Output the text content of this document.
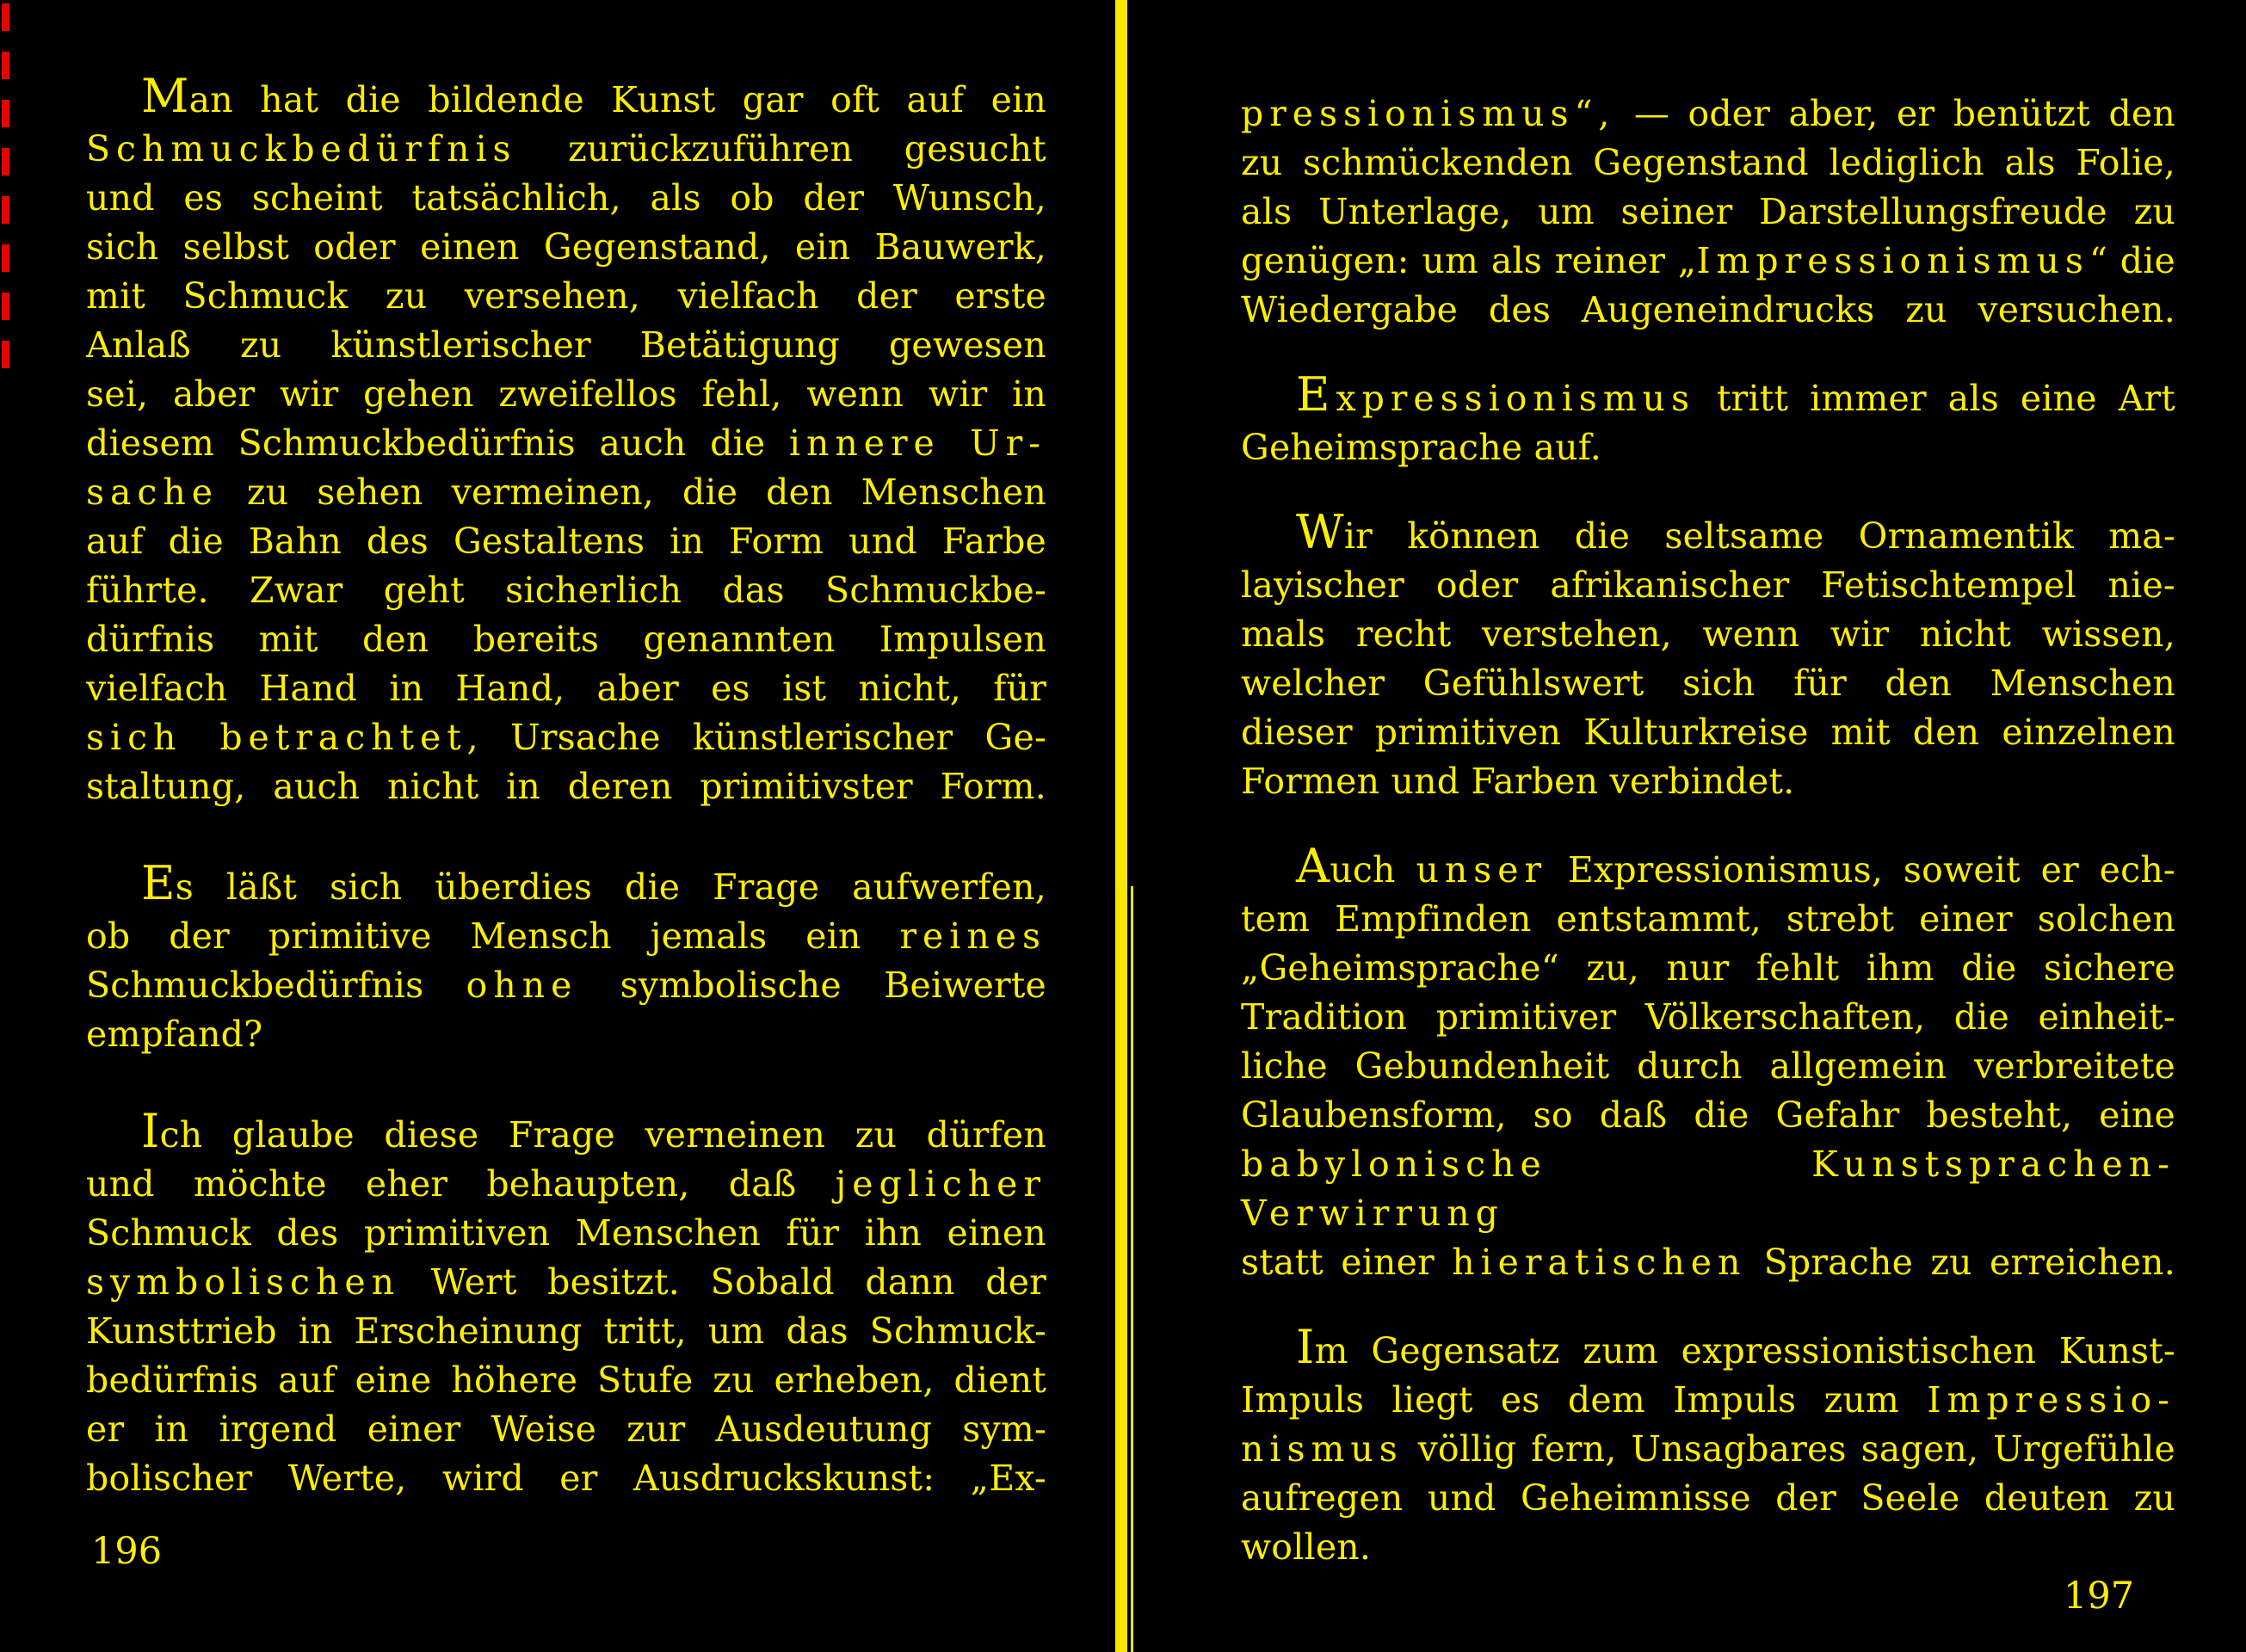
Man hat die bildende Kunst gar oft auf ein
Schmuckbedürfnis zurückzuführen gesucht
und es scheint tatsächlich, als ob der Wunsch,
sich selbst oder einen Gegenstand, ein Bauwerk,
mit Schmuck zu versehen, vielfach der erste
Anlaß zu künstlerischer Betätigung gewesen
sei, aber wir gehen zweifellos fehl, wenn wir in
diesem Schmuckbedürfnis auch die innere Ur-
sache zu sehen vermeinen, die den Menschen
auf die Bahn des Gestaltens in Form und Farbe
führte. Zwar geht sicherlich das Schmuckbe-
dürfnis mit den bereits genannten Impulsen
vielfach Hand in Hand, aber es ist nicht, für
sich betrachtet, Ursache künstlerischer Ge-
staltung, auch nicht in deren primitivster Form.
Es läßt sich überdies die Frage aufwerfen,
ob der primitive Mensch jemals ein reines
Schmuckbedürfnis ohne symbolische Beiwerte
empfand?
Ich glaube diese Frage verneinen zu dürfen
und möchte eher behaupten, daß jeglicher
Schmuck des primitiven Menschen für ihn einen
symbolischen Wert besitzt. Sobald dann der
Kunsttrieb in Erscheinung tritt, um das Schmuck-
bedürfnis auf eine höhere Stufe zu erheben, dient
er in irgend einer Weise zur Ausdeutung sym-
bolischer Werte, wird er Ausdruckskunst: „Ex-
pressionismus“, — oder aber, er benützt den
zu schmückenden Gegenstand lediglich als Folie,
als Unterlage, um seiner Darstellungsfreude zu
genügen: um als reiner „Impressionismus“ die
Wiedergabe des Augeneindrucks zu versuchen.
Expressionismus tritt immer als eine Art
Geheimsprache auf.
Wir können die seltsame Ornamentik ma-
layischer oder afrikanischer Fetischtempel nie-
mals recht verstehen, wenn wir nicht wissen,
welcher Gefühlswert sich für den Menschen
dieser primitiven Kulturkreise mit den einzelnen
Formen und Farben verbindet.
Auch unser Expressionismus, soweit er ech-
tem Empfinden entstammt, strebt einer solchen
„Geheimsprache“ zu, nur fehlt ihm die sichere
Tradition primitiver Völkerschaften, die einheit-
liche Gebundenheit durch allgemein verbreitete
Glaubensform, so daß die Gefahr besteht, eine
babylonische Kunstsprachen-Verwirrung
statt einer hieratischen Sprache zu erreichen.
Im Gegensatz zum expressionistischen Kunst-
Impuls liegt es dem Impuls zum Impressio-
nismus völlig fern, Unsagbares sagen, Urgefühle
aufregen und Geheimnisse der Seele deuten zu
wollen.
196
197
